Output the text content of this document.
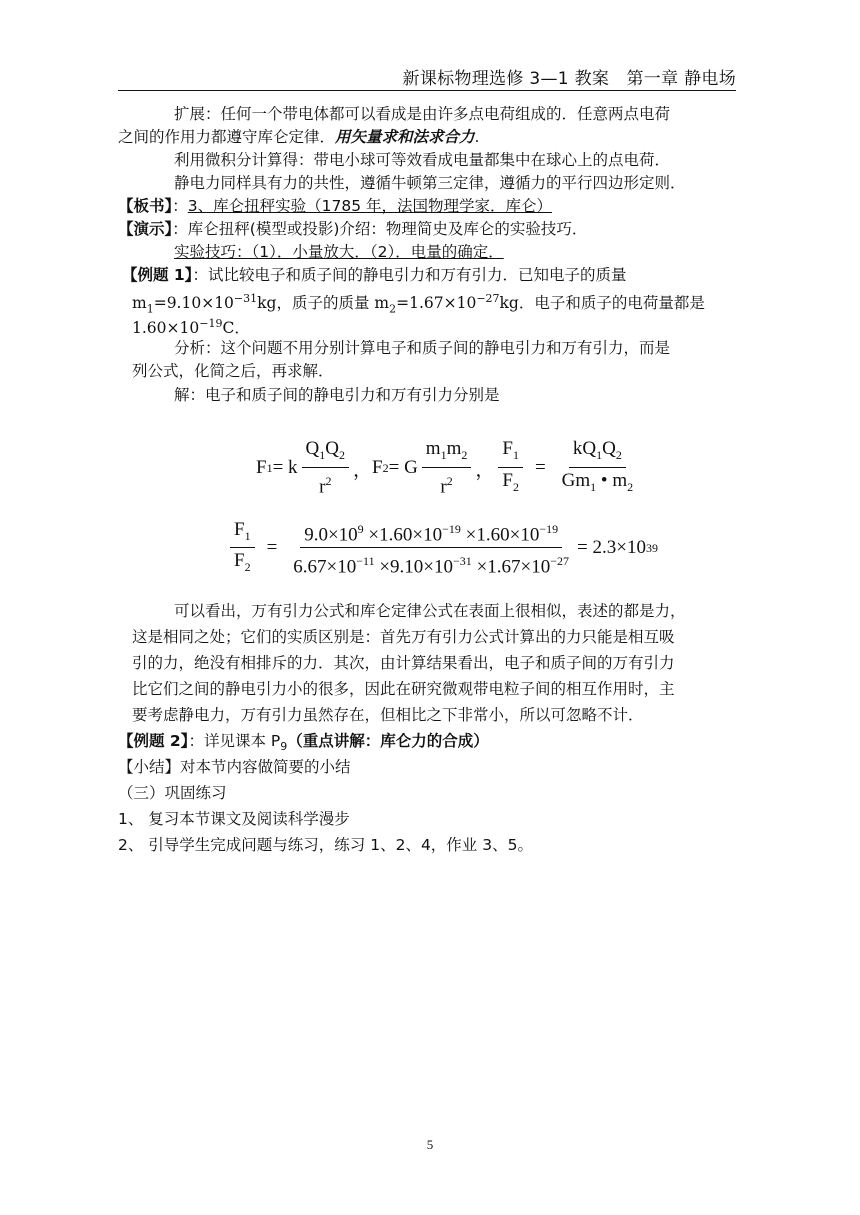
新课标物理选修 3—1 教案　第一章 静电场
扩展：任何一个带电体都可以看成是由许多点电荷组成的．任意两点电荷
之间的作用力都遵守库仑定律．用矢量求和法求合力.
利用微积分计算得：带电小球可等效看成电量都集中在球心上的点电荷．
静电力同样具有力的共性，遵循牛顿第三定律，遵循力的平行四边形定则．
【板书】：3、库仑扭秤实验（1785 年，法国物理学家．库仑）
【演示】：库仑扭秤(模型或投影)介绍：物理简史及库仑的实验技巧．
实验技巧：（1）．小量放大．（2）．电量的确定．
【例题 1】：试比较电子和质子间的静电引力和万有引力．已知电子的质量
$m_1=9.10\times 10^{-31}kg$，质子的质量 $m_2=1.67\times 10^{-27}kg$．电子和质子的电荷量都是
$1.60\times 10^{-19}C$．
分析：这个问题不用分别计算电子和质子间的静电引力和万有引力，而是
列公式，化简之后，再求解．
解：电子和质子间的静电引力和万有引力分别是
F 1 = k $\frac{Q_1Q_2}{r^2}$ ， F 2 = G $\frac{m_1m_2}{r^2}$ ， $\frac{F_1}{F_2} = \frac{kQ_1Q_2}{Gm_1 • m_2}$
$\frac{F_1}{F_2} = \frac{9.0\times 10^9 \times 1.60\times 10^{-19} \times 1.60\times 10^{-19}}{6.67\times 10^{-11} \times 9.10\times 10^{-31} \times 1.67\times 10^{-27}} = 2.3\times 10$ 39
可以看出，万有引力公式和库仑定律公式在表面上很相似，表述的都是力，
这是相同之处；它们的实质区别是：首先万有引力公式计算出的力只能是相互吸
引的力，绝没有相排斥的力．其次，由计算结果看出，电子和质子间的万有引力
比它们之间的静电引力小的很多，因此在研究微观带电粒子间的相互作用时，主
要考虑静电力，万有引力虽然存在，但相比之下非常小，所以可忽略不计．
【例题 2】：详见课本 $P_9$（重点讲解：库仑力的合成）
【小结】对本节内容做简要的小结
（三）巩固练习
1、 复习本节课文及阅读科学漫步
2、 引导学生完成问题与练习，练习 1、2、4，作业 3、5。
5
